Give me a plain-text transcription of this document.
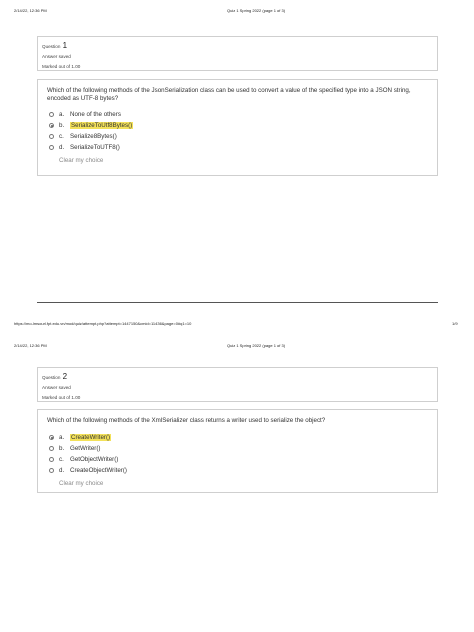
2/14/22, 12:36 PM	Quiz 1 Spring 2022 (page 1 of 3)
Question 1
Answer saved
Marked out of 1.00
Which of the following methods of the JsonSerialization class can be used to convert a value of the specified type into a JSON string, encoded as UTF-8 bytes?
a. None of the others
b.	SerializeToUtf8Bytes()
c. Serialize8Bytes()
d. SerializeToUTF8()
Clear my choice
https://mo-lmsourl.fpt.edu.vn/mod/quiz/attempt.php?attempt=1447150&cmid=11436&page=0#q1=10	1/9
2/14/22, 12:36 PM	Quiz 1 Spring 2022 (page 1 of 3)
Question 2
Answer saved
Marked out of 1.00
Which of the following methods of the XmlSerializer class returns a writer used to serialize the object?
a.	CreateWriter()
b. GetWriter()
c. GetObjectWriter()
d. CreateObjectWriter()
Clear my choice
